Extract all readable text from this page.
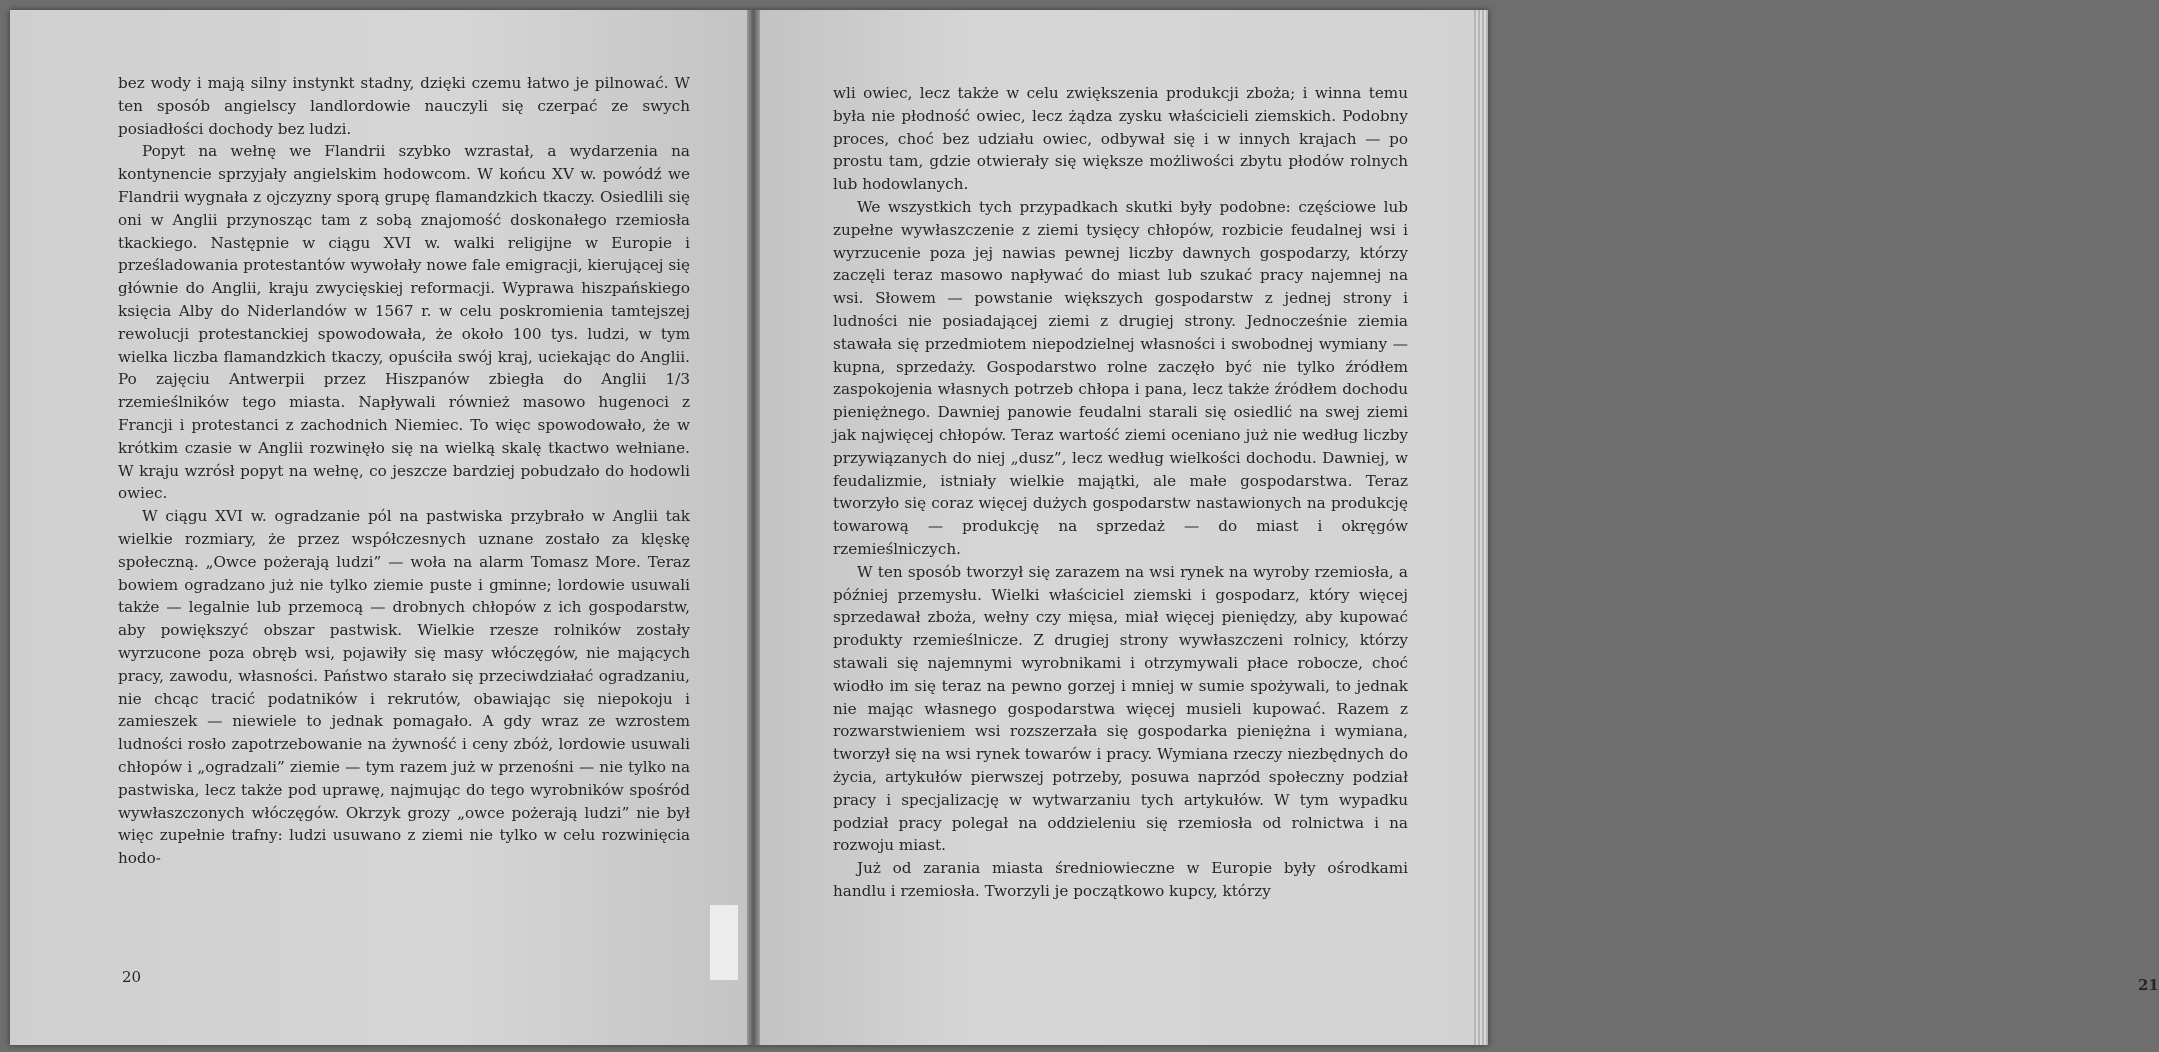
bez wody i mają silny instynkt stadny, dzięki czemu łatwo je pilnować. W ten sposób angielscy landlordowie nauczyli się czerpać ze swych posiadłości dochody bez ludzi.

Popyt na wełnę we Flandrii szybko wzrastał, a wydarzenia na kontynencie sprzyjały angielskim hodowcom. W końcu XV w. powódź we Flandrii wygnała z ojczyzny sporą grupę flamandzkich tkaczy. Osiedlili się oni w Anglii przynosząc tam z sobą znajomość doskonałego rzemiosła tkackiego. Następnie w ciągu XVI w. walki religijne w Europie i prześladowania protestantów wywołały nowe fale emigracji, kierującej się głównie do Anglii, kraju zwycięskiej reformacji. Wyprawa hiszpańskiego księcia Alby do Niderlandów w 1567 r. w celu poskromienia tamtejszej rewolucji protestanckiej spowodowała, że około 100 tys. ludzi, w tym wielka liczba flamandzkich tkaczy, opuściła swój kraj, uciekając do Anglii. Po zajęciu Antwerpii przez Hiszpanów zbiegła do Anglii 1/3 rzemieślników tego miasta. Napływali również masowo hugenoci z Francji i protestanci z zachodnich Niemiec. To więc spowodowało, że w krótkim czasie w Anglii rozwinęło się na wielką skalę tkactwo wełniane. W kraju wzrósł popyt na wełnę, co jeszcze bardziej pobudzało do hodowli owiec.

W ciągu XVI w. ogradzanie pól na pastwiska przybrało w Anglii tak wielkie rozmiary, że przez współczesnych uznane zostało za klęskę społeczną. „Owce pożerają ludzi” — woła na alarm Tomasz More. Teraz bowiem ogradzano już nie tylko ziemie puste i gminne; lordowie usuwali także — legalnie lub przemocą — drobnych chłopów z ich gospodarstw, aby powiększyć obszar pastwisk. Wielkie rzesze rolników zostały wyrzucone poza obręb wsi, pojawiły się masy włóczęgów, nie mających pracy, zawodu, własności. Państwo starało się przeciwdziałać ogradzaniu, nie chcąc tracić podatników i rekrutów, obawiając się niepokoju i zamieszek — niewiele to jednak pomagało. A gdy wraz ze wzrostem ludności rosło zapotrzebowanie na żywność i ceny zbóż, lordowie usuwali chłopów i „ogradzali” ziemie — tym razem już w przenośni — nie tylko na pastwiska, lecz także pod uprawę, najmując do tego wyrobników spośród wywłaszczonych włóczęgów. Okrzyk grozy „owce pożerają ludzi” nie był więc zupełnie trafny: ludzi usuwano z ziemi nie tylko w celu rozwinięcia hodo-

20	21

wli owiec, lecz także w celu zwiększenia produkcji zboża; i winna temu była nie płodność owiec, lecz żądza zysku właścicieli ziemskich. Podobny proces, choć bez udziału owiec, odbywał się i w innych krajach — po prostu tam, gdzie otwierały się większe możliwości zbytu płodów rolnych lub hodowlanych.

We wszystkich tych przypadkach skutki były podobne: częściowe lub zupełne wywłaszczenie z ziemi tysięcy chłopów, rozbicie feudalnej wsi i wyrzucenie poza jej nawias pewnej liczby dawnych gospodarzy, którzy zaczęli teraz masowo napływać do miast lub szukać pracy najemnej na wsi. Słowem — powstanie większych gospodarstw z jednej strony i ludności nie posiadającej ziemi z drugiej strony. Jednocześnie ziemia stawała się przedmiotem niepodzielnej własności i swobodnej wymiany — kupna, sprzedaży. Gospodarstwo rolne zaczęło być nie tylko źródłem zaspokojenia własnych potrzeb chłopa i pana, lecz także źródłem dochodu pieniężnego. Dawniej panowie feudalni starali się osiedlić na swej ziemi jak najwięcej chłopów. Teraz wartość ziemi oceniano już nie według liczby przywiązanych do niej „dusz”, lecz według wielkości dochodu. Dawniej, w feudalizmie, istniały wielkie majątki, ale małe gospodarstwa. Teraz tworzyło się coraz więcej dużych gospodarstw nastawionych na produkcję towarową — produkcję na sprzedaż — do miast i okręgów rzemieślniczych.

W ten sposób tworzył się zarazem na wsi rynek na wyroby rzemiosła, a później przemysłu. Wielki właściciel ziemski i gospodarz, który więcej sprzedawał zboża, wełny czy mięsa, miał więcej pieniędzy, aby kupować produkty rzemieślnicze. Z drugiej strony wywłaszczeni rolnicy, którzy stawali się najemnymi wyrobnikami i otrzymywali płace robocze, choć wiodło im się teraz na pewno gorzej i mniej w sumie spożywali, to jednak nie mając własnego gospodarstwa więcej musieli kupować. Razem z rozwarstwieniem wsi rozszerzała się gospodarka pieniężna i wymiana, tworzył się na wsi rynek towarów i pracy. Wymiana rzeczy niezbędnych do życia, artykułów pierwszej potrzeby, posuwa naprzód społeczny podział pracy i specjalizację w wytwarzaniu tych artykułów. W tym wypadku podział pracy polegał na oddzieleniu się rzemiosła od rolnictwa i na rozwoju miast.

Już od zarania miasta średniowieczne w Europie były ośrodkami handlu i rzemiosła. Tworzyli je początkowo kupcy, którzy
